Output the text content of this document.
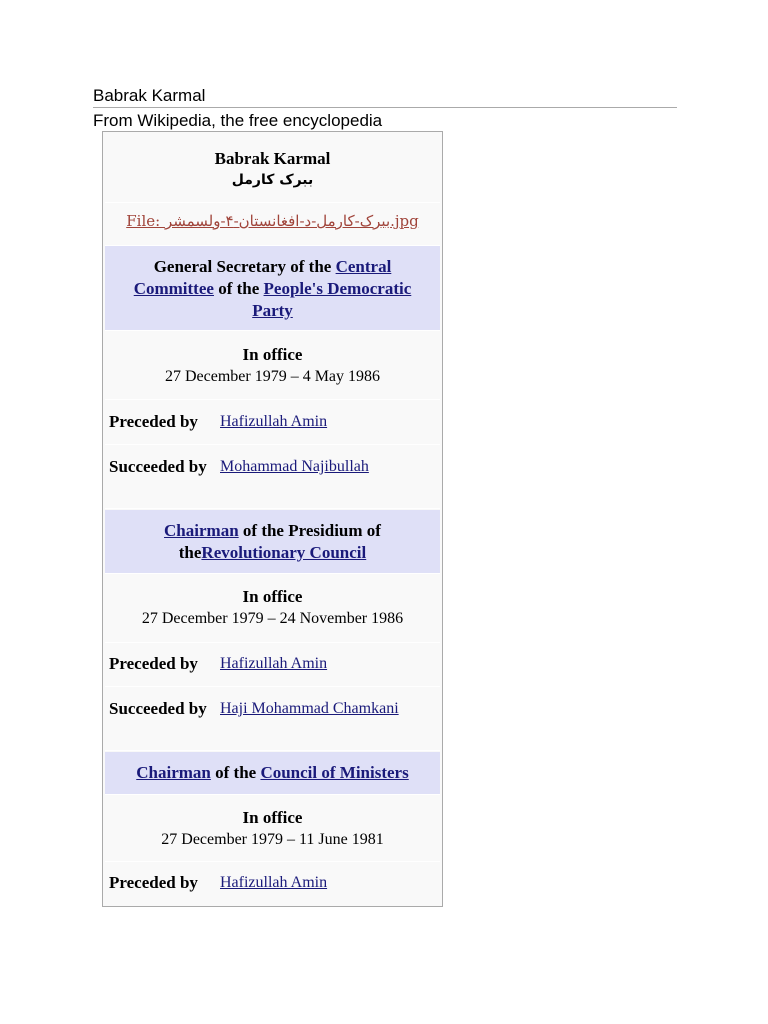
Babrak Karmal
From Wikipedia, the free encyclopedia
Babrak Karmal
ببرک کارمل
File: ببرک-کارمل-د-افغانستان-۴-ولسمشر.jpg
General Secretary of the Central Committee of the People's Democratic Party
In office
27 December 1979 – 4 May 1986
Preceded by	Hafizullah Amin
Succeeded by Mohammad Najibullah
Chairman of the Presidium of theRevolutionary Council
In office
27 December 1979 – 24 November 1986
Preceded by	Hafizullah Amin
Succeeded by Haji Mohammad Chamkani
Chairman of the Council of Ministers
In office
27 December 1979 – 11 June 1981
Preceded by	Hafizullah Amin
